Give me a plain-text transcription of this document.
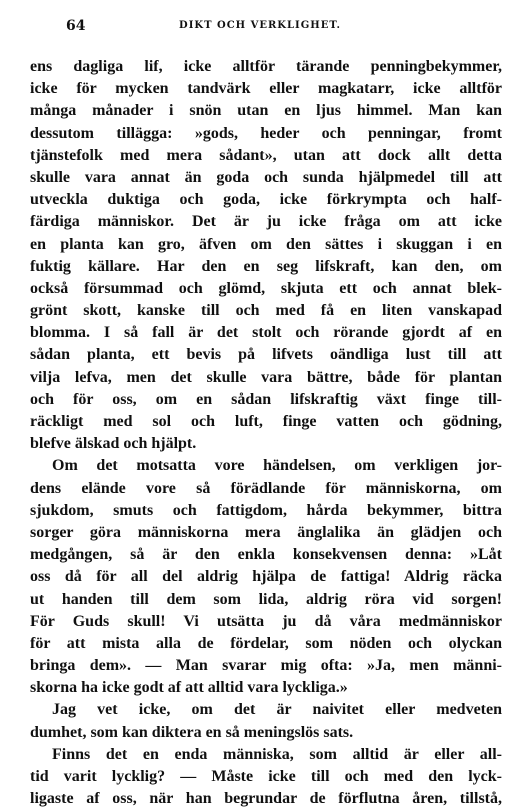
64	DIKT OCH VERKLIGHET.
ens dagliga lif, icke alltför tärande penningbekymmer,
icke för mycken tandvärk eller magkatarr, icke alltför
många månader i snön utan en ljus himmel. Man kan
dessutom tillägga: »gods, heder och penningar, fromt
tjänstefolk med mera sådant», utan att dock allt detta
skulle vara annat än goda och sunda hjälpmedel till att
utveckla duktiga och goda, icke förkrympta och half-
färdiga människor. Det är ju icke fråga om att icke
en planta kan gro, äfven om den sättes i skuggan i en
fuktig källare. Har den en seg lifskraft, kan den, om
också försummad och glömd, skjuta ett och annat blek-
grönt skott, kanske till och med få en liten vanskapad
blomma. I så fall är det stolt och rörande gjordt af en
sådan planta, ett bevis på lifvets oändliga lust till att
vilja lefva, men det skulle vara bättre, både för plantan
och för oss, om en sådan lifskraftig växt finge till-
räckligt med sol och luft, finge vatten och gödning,
blefve älskad och hjälpt.
Om det motsatta vore händelsen, om verkligen jor-
dens elände vore så förädlande för människorna, om
sjukdom, smuts och fattigdom, hårda bekymmer, bittra
sorger göra människorna mera änglalika än glädjen och
medgången, så är den enkla konsekvensen denna: »Låt
oss då för all del aldrig hjälpa de fattiga! Aldrig räcka
ut handen till dem som lida, aldrig röra vid sorgen!
För Guds skull! Vi utsätta ju då våra medmänniskor
för att mista alla de fördelar, som nöden och olyckan
bringa dem». — Man svarar mig ofta: »Ja, men männi-
skorna ha icke godt af att alltid vara lyckliga.»
Jag vet icke, om det är naivitet eller medveten
dumhet, som kan diktera en så meningslös sats.
Finns det en enda människa, som alltid är eller all-
tid varit lycklig? — Måste icke till och med den lyck-
ligaste af oss, när han begrundar de förflutna åren, tillstå,
